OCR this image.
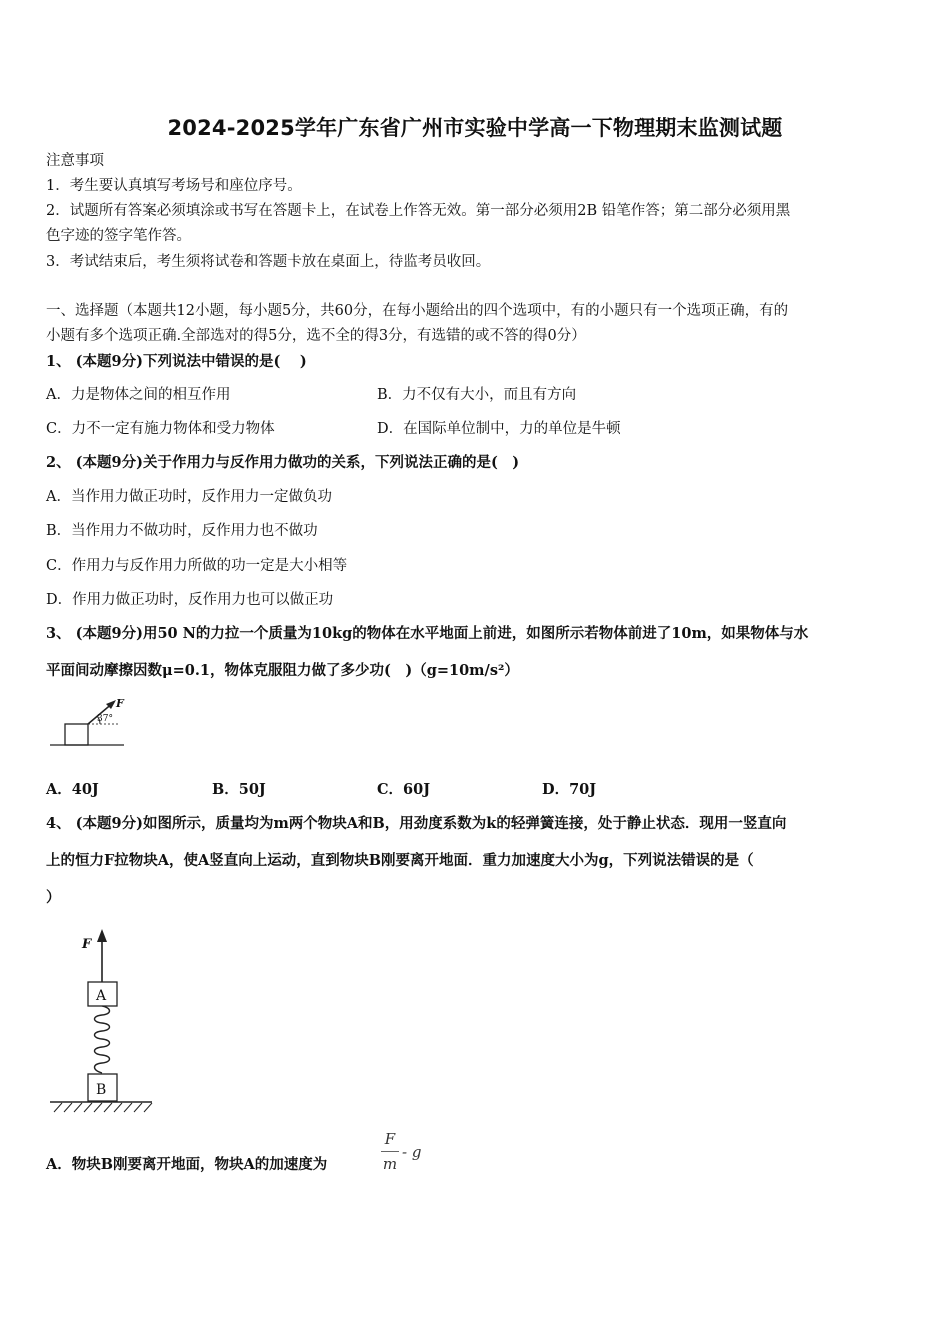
2024-2025学年广东省广州市实验中学高一下物理期末监测试题
注意事项
1．考生要认真填写考场号和座位序号。
2．试题所有答案必须填涂或书写在答题卡上，在试卷上作答无效。第一部分必须用2B 铅笔作答；第二部分必须用黑
色字迹的签字笔作答。
3．考试结束后，考生须将试卷和答题卡放在桌面上，待监考员收回。
一、选择题（本题共12小题，每小题5分，共60分，在每小题给出的四个选项中，有的小题只有一个选项正确，有的
小题有多个选项正确.全部选对的得5分，选不全的得3分，有选错的或不答的得0分）
1、 (本题9分)下列说法中错误的是(　 )
A．力是物体之间的相互作用	B．力不仅有大小，而且有方向
C．力不一定有施力物体和受力物体	D．在国际单位制中，力的单位是牛顿
2、 (本题9分)关于作用力与反作用力做功的关系，下列说法正确的是(　)
A．当作用力做正功时，反作用力一定做负功
B．当作用力不做功时，反作用力也不做功
C．作用力与反作用力所做的功一定是大小相等
D．作用力做正功时，反作用力也可以做正功
3、 (本题9分)用50 N的力拉一个质量为10kg的物体在水平地面上前进，如图所示若物体前进了10m，如果物体与水
平面间动摩擦因数μ=0.1，物体克服阻力做了多少功(　)（g=10m/s²）
F
37°
A．40J	B．50J	C．60J	D．70J
4、 (本题9分)如图所示，质量均为m两个物块A和B，用劲度系数为k的轻弹簧连接，处于静止状态．现用一竖直向
上的恒力F拉物块A，使A竖直向上运动，直到物块B刚要离开地面．重力加速度大小为g，下列说法错误的是（
）
F
A
B
A．物块B刚要离开地面，物块A的加速度为
F
m
- g
